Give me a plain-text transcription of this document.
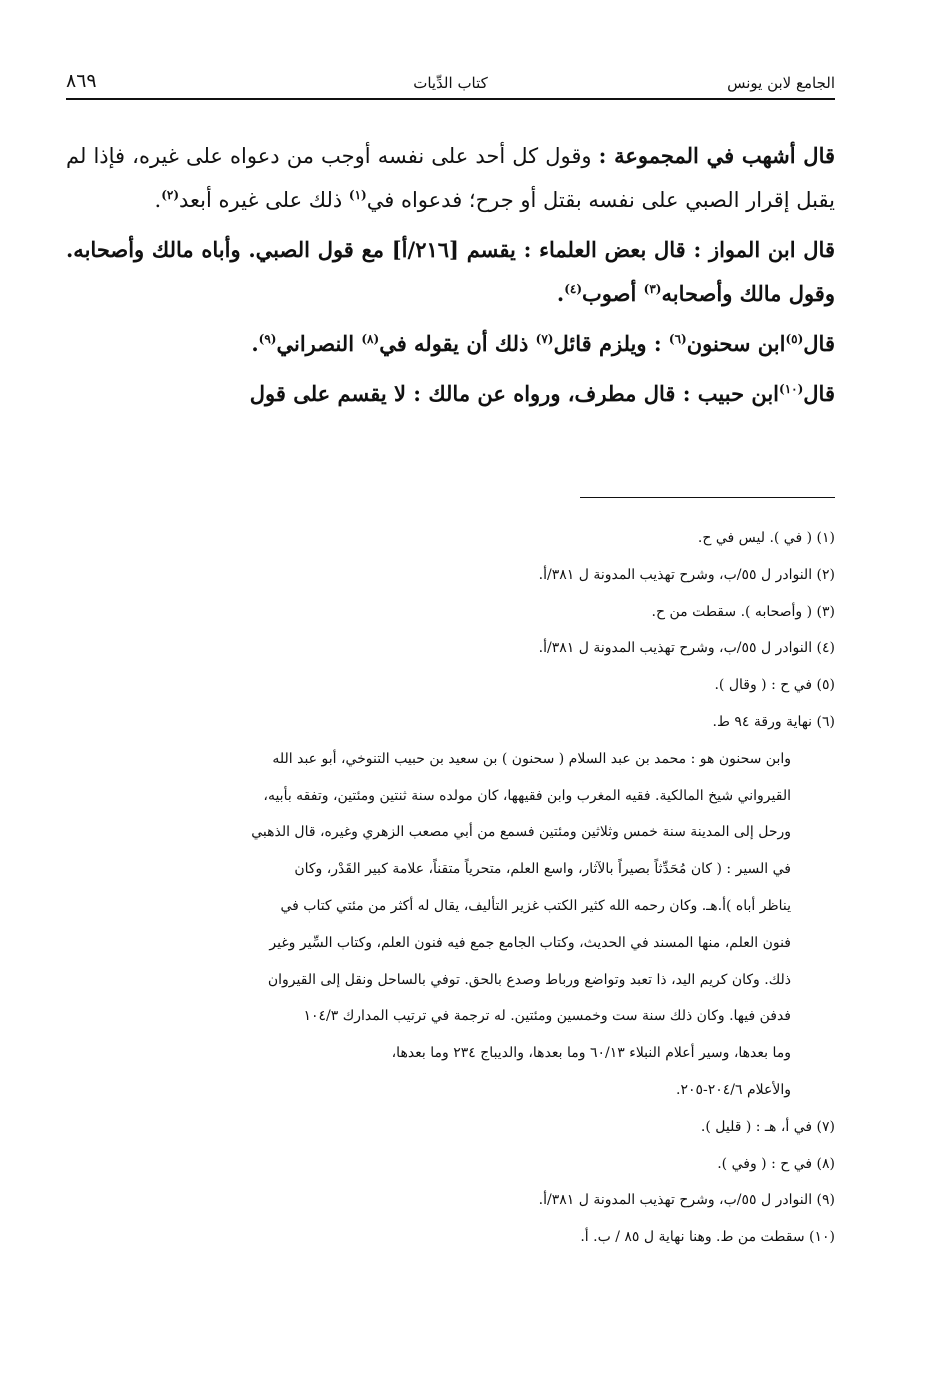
الجامع لابن يونس
كتاب الدِّيات
٨٦٩

قال أشهب في المجموعة : وقول كل أحد على نفسه أوجب من دعواه على غيره، فإذا لم يقبل إقرار الصبي على نفسه بقتل أو جرح؛ فدعواه في$^{(١)}$ ذلك على غيره أبعد$^{(٢)}$.

قال ابن المواز : قال بعض العلماء : يقسم [٢١٦/أ] مع قول الصبي. وأباه مالك وأصحابه. وقول مالك وأصحابه$^{(٣)}$ أصوب$^{(٤)}$.

قال$^{(٥)}$ابن سحنون$^{(٦)}$ : ويلزم قائل$^{(٧)}$ ذلك أن يقوله في$^{(٨)}$ النصراني$^{(٩)}$.

قال$^{(١٠)}$ابن حبيب : قال مطرف، ورواه عن مالك : لا يقسم على قول

(١) ( في ). ليس في ح.
(٢) النوادر ل ٥٥/ب، وشرح تهذيب المدونة ل ٣٨١/أ.
(٣) ( وأصحابه ). سقطت من ح.
(٤) النوادر ل ٥٥/ب، وشرح تهذيب المدونة ل ٣٨١/أ.
(٥) في ح : ( وقال ).
(٦) نهاية ورقة ٩٤ ط.
وابن سحنون هو : محمد بن عبد السلام ( سحنون ) بن سعيد بن حبيب التنوخي، أبو عبد الله
القيرواني شيخ المالكية. فقيه المغرب وابن فقيهها، كان مولده سنة ثنتين ومئتين، وتفقه بأبيه،
ورحل إلى المدينة سنة خمس وثلاثين ومئتين فسمع من أبي مصعب الزهري وغيره، قال الذهبي
في السير : ( كان مُحَدِّثاً بصيراً بالآثار، واسع العلم، متحرياً متقناً، علامة كبير القَدْر، وكان
يناظر أباه )أ.هـ. وكان رحمه الله كثير الكتب غزير التأليف، يقال له أكثر من مئتي كتاب في
فنون العلم، منها المسند في الحديث، وكتاب الجامع جمع فيه فنون العلم، وكتاب السِّير وغير
ذلك. وكان كريم اليد، ذا تعبد وتواضع ورباط وصدع بالحق. توفي بالساحل ونقل إلى القيروان
فدفن فيها. وكان ذلك سنة ست وخمسين ومئتين. له ترجمة في ترتيب المدارك ١٠٤/٣
وما بعدها، وسير أعلام النبلاء ٦٠/١٣ وما بعدها، والديباج ٢٣٤ وما بعدها،
والأعلام ٢٠٤/٦-٢٠٥.
(٧) في أ، هـ : ( قليل ).
(٨) في ح : ( وفي ).
(٩) النوادر ل ٥٥/ب، وشرح تهذيب المدونة ل ٣٨١/أ.
(١٠) سقطت من ط. وهنا نهاية ل ٨٥ / ب. أ.
